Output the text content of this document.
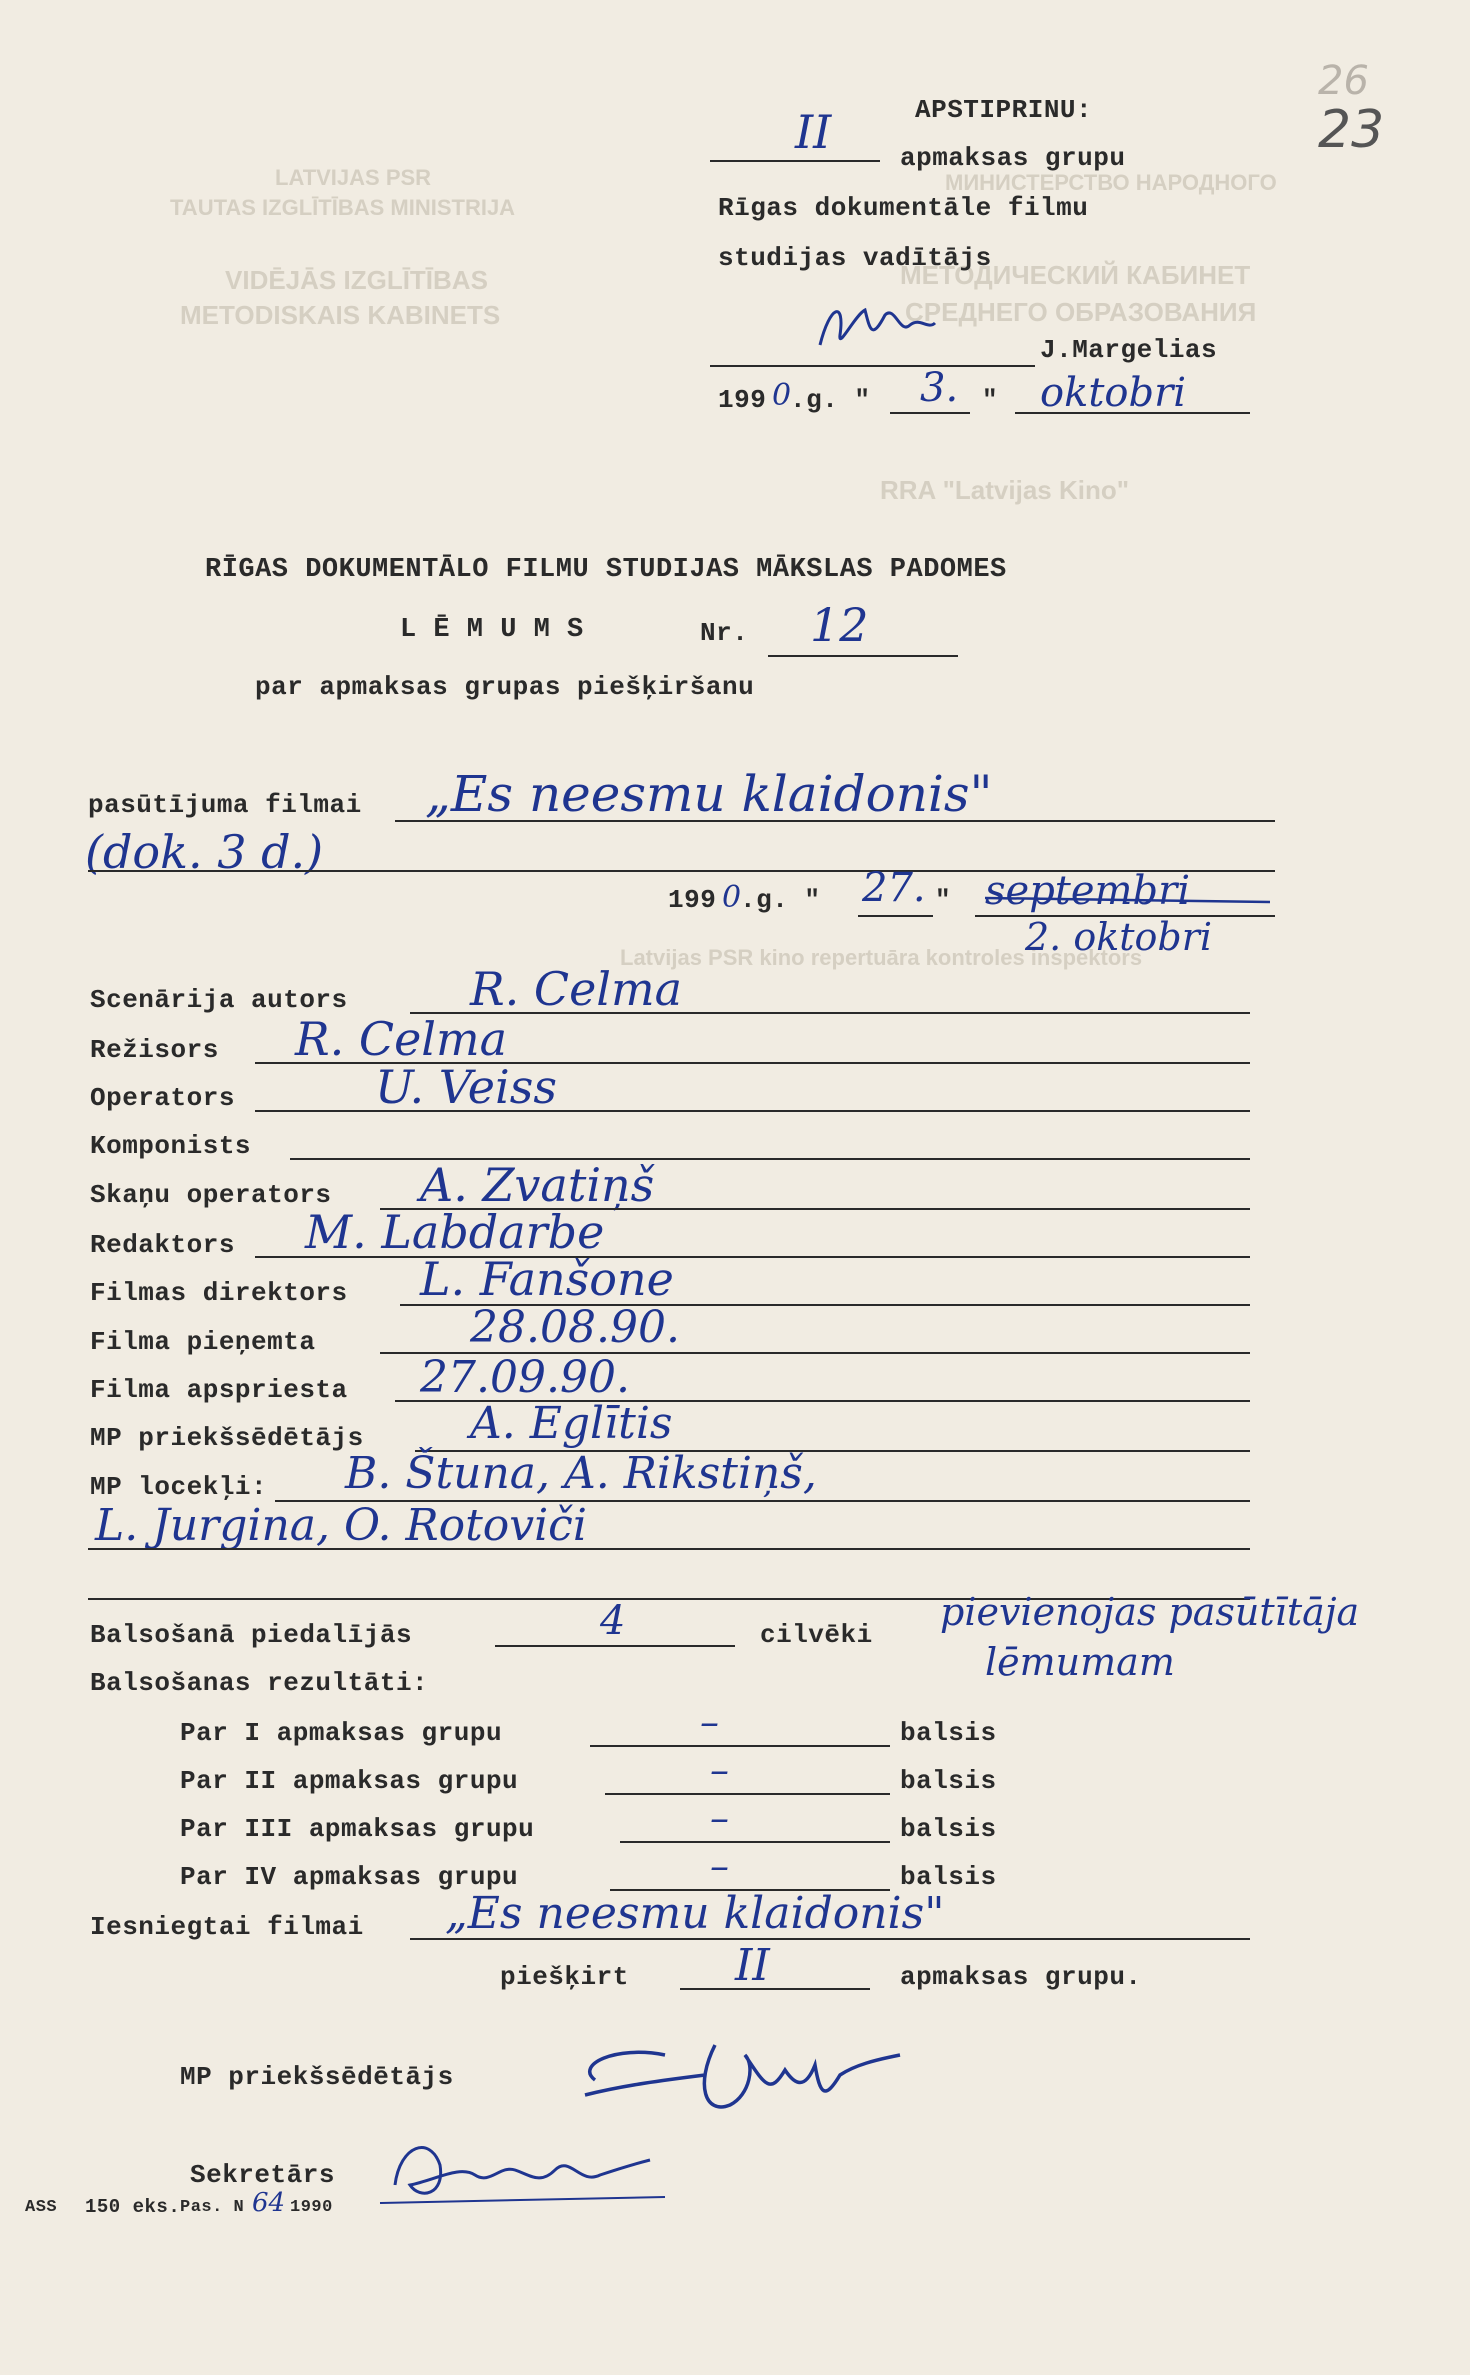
LATVIJAS PSR
TAUTAS IZGLĪTĪBAS MINISTRIJA
VIDĒJĀS IZGLĪTĪBAS
METODISKAIS KABINETS
МИНИСТЕРСТВО НАРОДНОГО
МЕТОДИЧЕСКИЙ КАБИНЕТ
СРЕДНЕГО ОБРАЗОВАНИЯ
RRA "Latvijas Kino"
Latvijas PSR kino repertuāra kontroles inspektors
26
23
APSTIPRINU:
II	apmaksas grupu
Rīgas dokumentāle filmu
studijas vadītājs
J.Margelias
199 0
.g. " 3. " oktobri
RĪGAS DOKUMENTĀLO FILMU STUDIJAS MĀKSLAS PADOMES
L Ē M U M S	Nr. 12
par apmaksas grupas piešķiršanu
pasūtījuma filmai „Es neesmu klaidonis"
(dok. 3 d.)
199 0
.g. " 27. " septembri
2. oktobri
Scenārija autors	R. Celma
Režisors R. Celma
Operators	U. Veiss
Komponists
Skaņu operators A. Zvatiņš
Redaktors M. Labdarbe
Filmas direktors L. Fanšone
Filma pieņemta	28.08.90.
Filma apspriesta 27.09.90.
MP priekšsēdētājs A. Eglītis
MP locekļi: B. Štuna, A. Rikstiņš,
L. Jurgina, O. Rotoviči
Balsošanā piedalījās	4	cilvēki
pievienojas pasūtītāja
lēmumam
Balsošanas rezultāti:
Par I apmaksas grupu	–	balsis
Par II apmaksas grupu	–	balsis
Par III apmaksas grupu	–	balsis
Par IV apmaksas grupu	–	balsis
Iesniegtai filmai „Es neesmu klaidonis"
piešķirt II	apmaksas grupu.
MP priekšsēdētājs
Sekretārs
ASS 150 eks. Pas. N 64 1990
